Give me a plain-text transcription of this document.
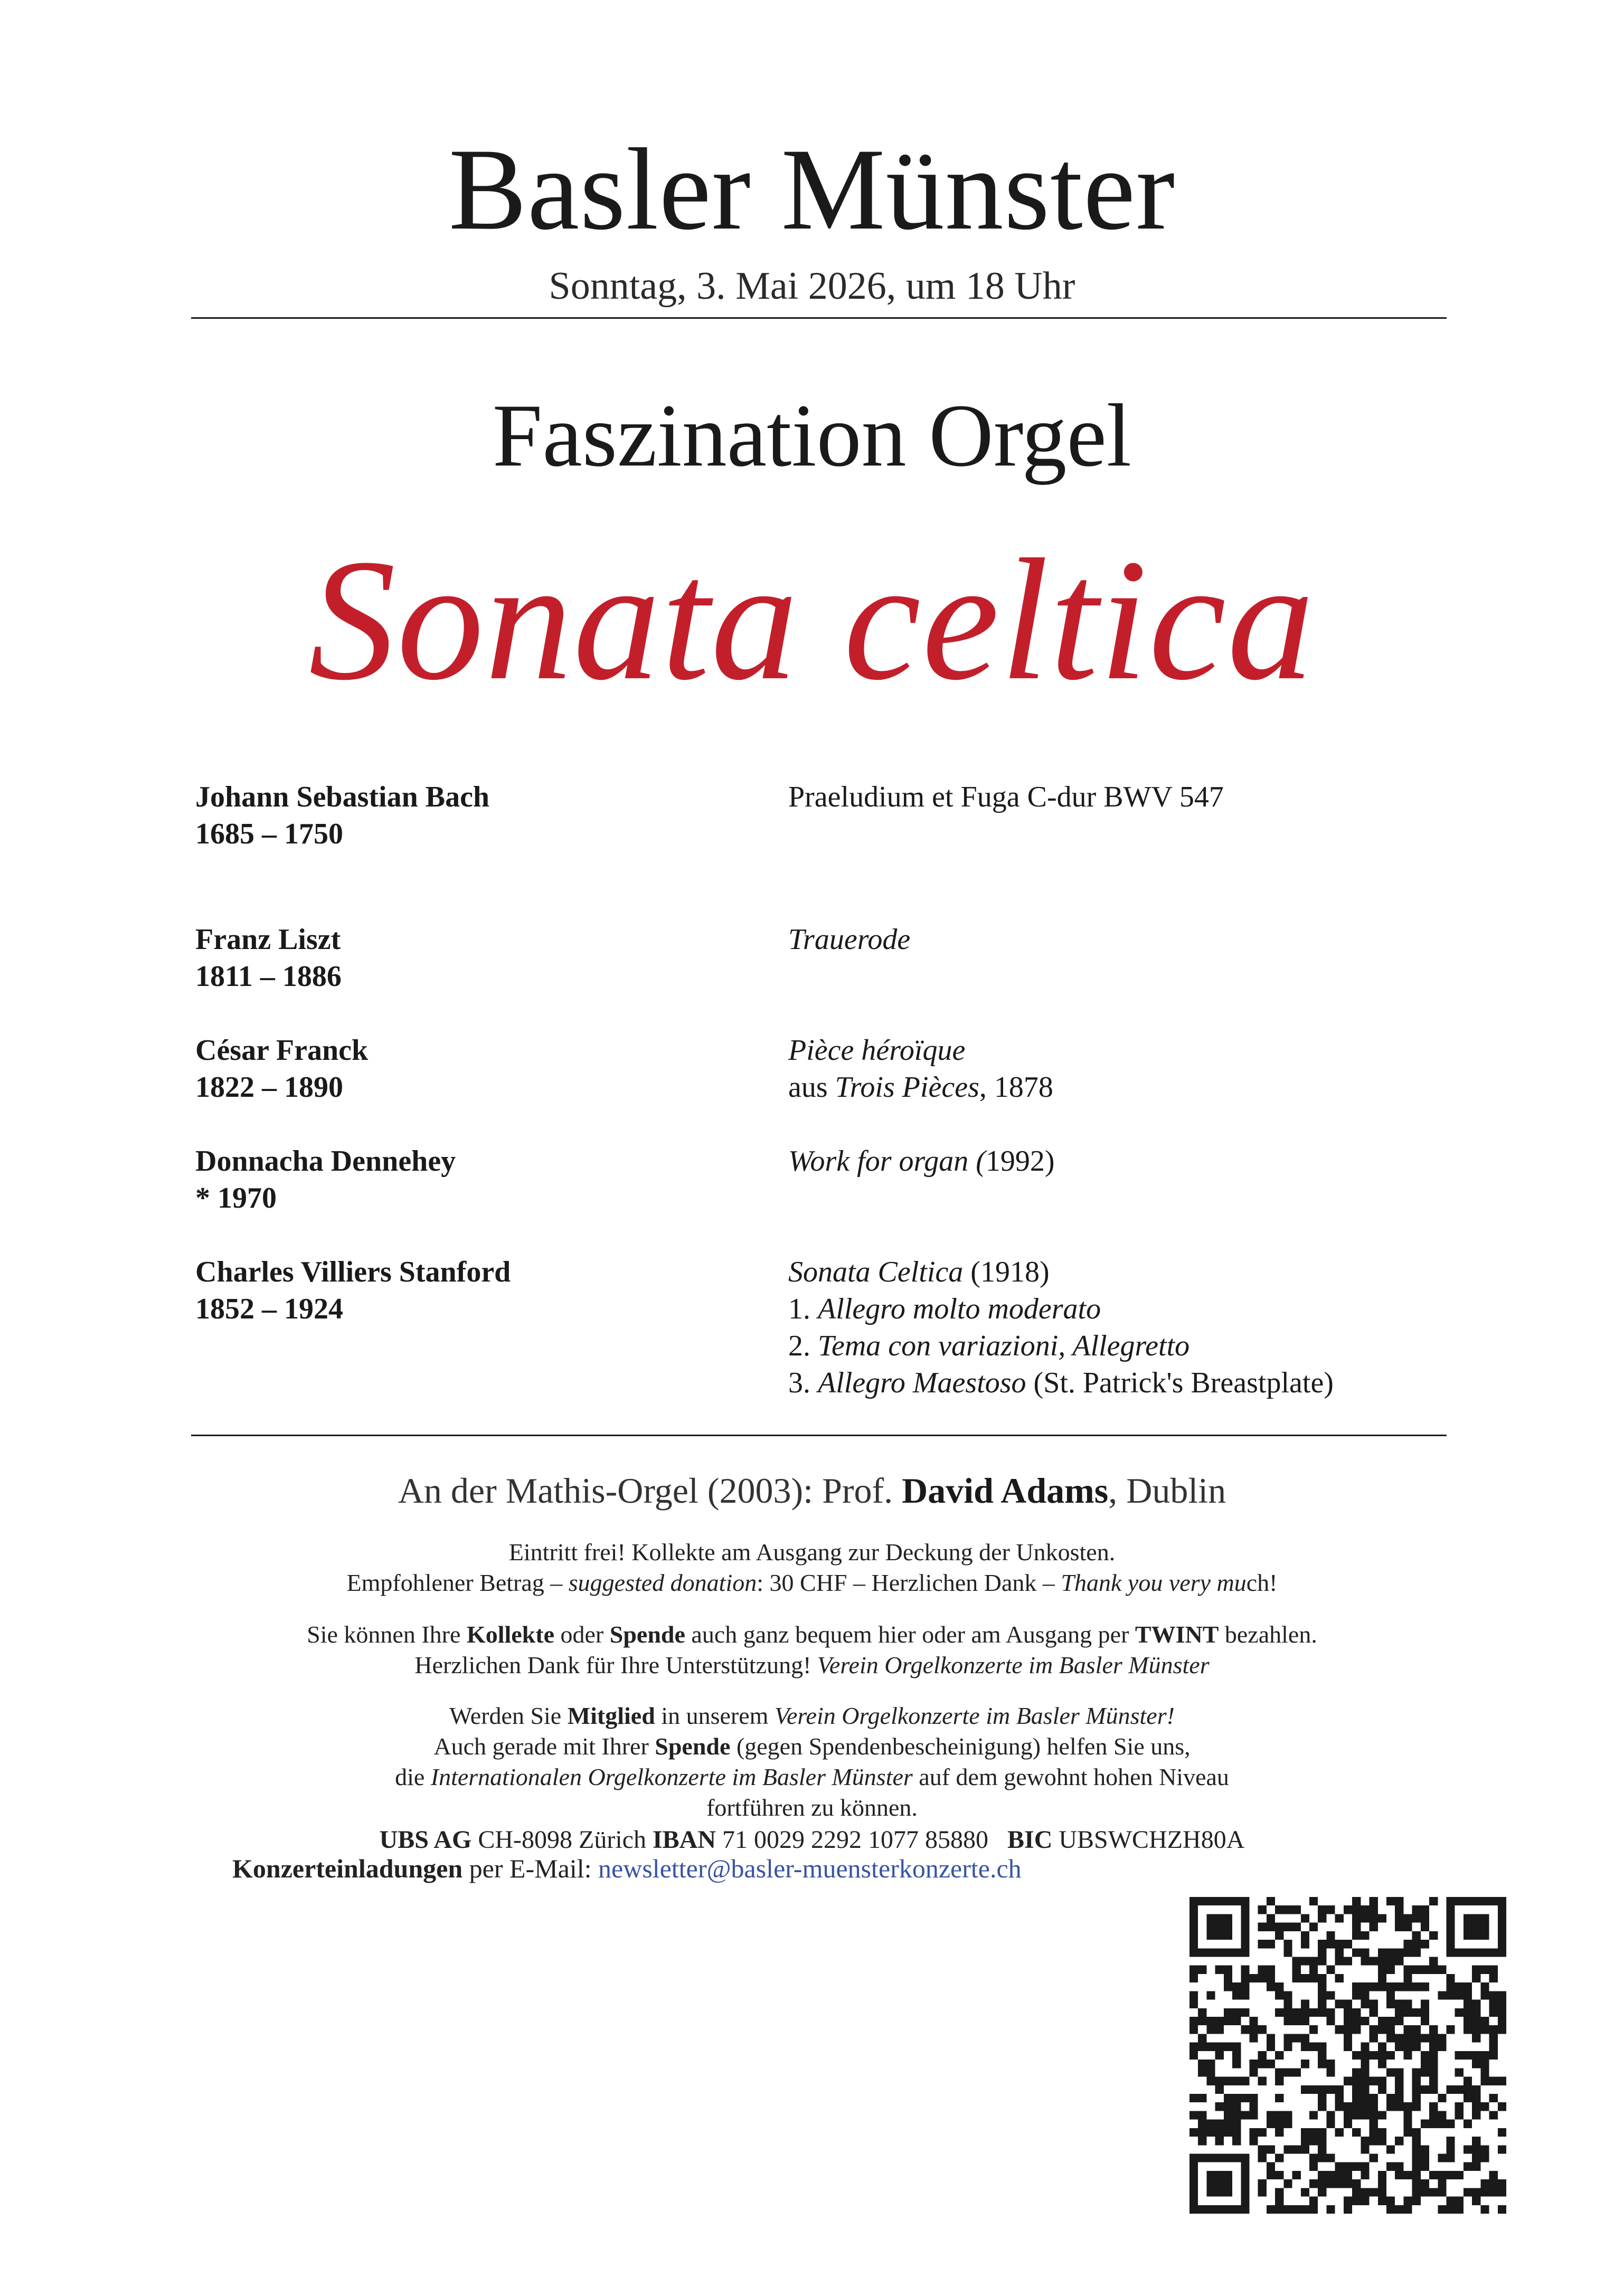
Basler Münster
Sonntag, 3. Mai 2026, um 18 Uhr
Faszination Orgel
Sonata celtica
Johann Sebastian Bach
1685 – 1750
Praeludium et Fuga C-dur BWV 547
Franz Liszt
1811 – 1886
Trauerode
César Franck
1822 – 1890
Pièce héroïque
aus Trois Pièces, 1878
Donnacha Dennehey
* 1970
Work for organ (1992)
Charles Villiers Stanford
1852 – 1924
Sonata Celtica (1918)
1. Allegro molto moderato
2. Tema con variazioni, Allegretto
3. Allegro Maestoso (St. Patrick's Breastplate)
An der Mathis-Orgel (2003): Prof. David Adams, Dublin
Eintritt frei! Kollekte am Ausgang zur Deckung der Unkosten.
Empfohlener Betrag – suggested donation: 30 CHF – Herzlichen Dank – Thank you very much!
Sie können Ihre Kollekte oder Spende auch ganz bequem hier oder am Ausgang per TWINT bezahlen.
Herzlichen Dank für Ihre Unterstützung! Verein Orgelkonzerte im Basler Münster
Werden Sie Mitglied in unserem Verein Orgelkonzerte im Basler Münster!
Auch gerade mit Ihrer Spende (gegen Spendenbescheinigung) helfen Sie uns,
die Internationalen Orgelkonzerte im Basler Münster auf dem gewohnt hohen Niveau
fortführen zu können.
UBS AG CH-8098 Zürich IBAN 71 0029 2292 1077 85880 BIC UBSWCHZH80A
Konzerteinladungen per E-Mail: newsletter@basler-muensterkonzerte.ch
